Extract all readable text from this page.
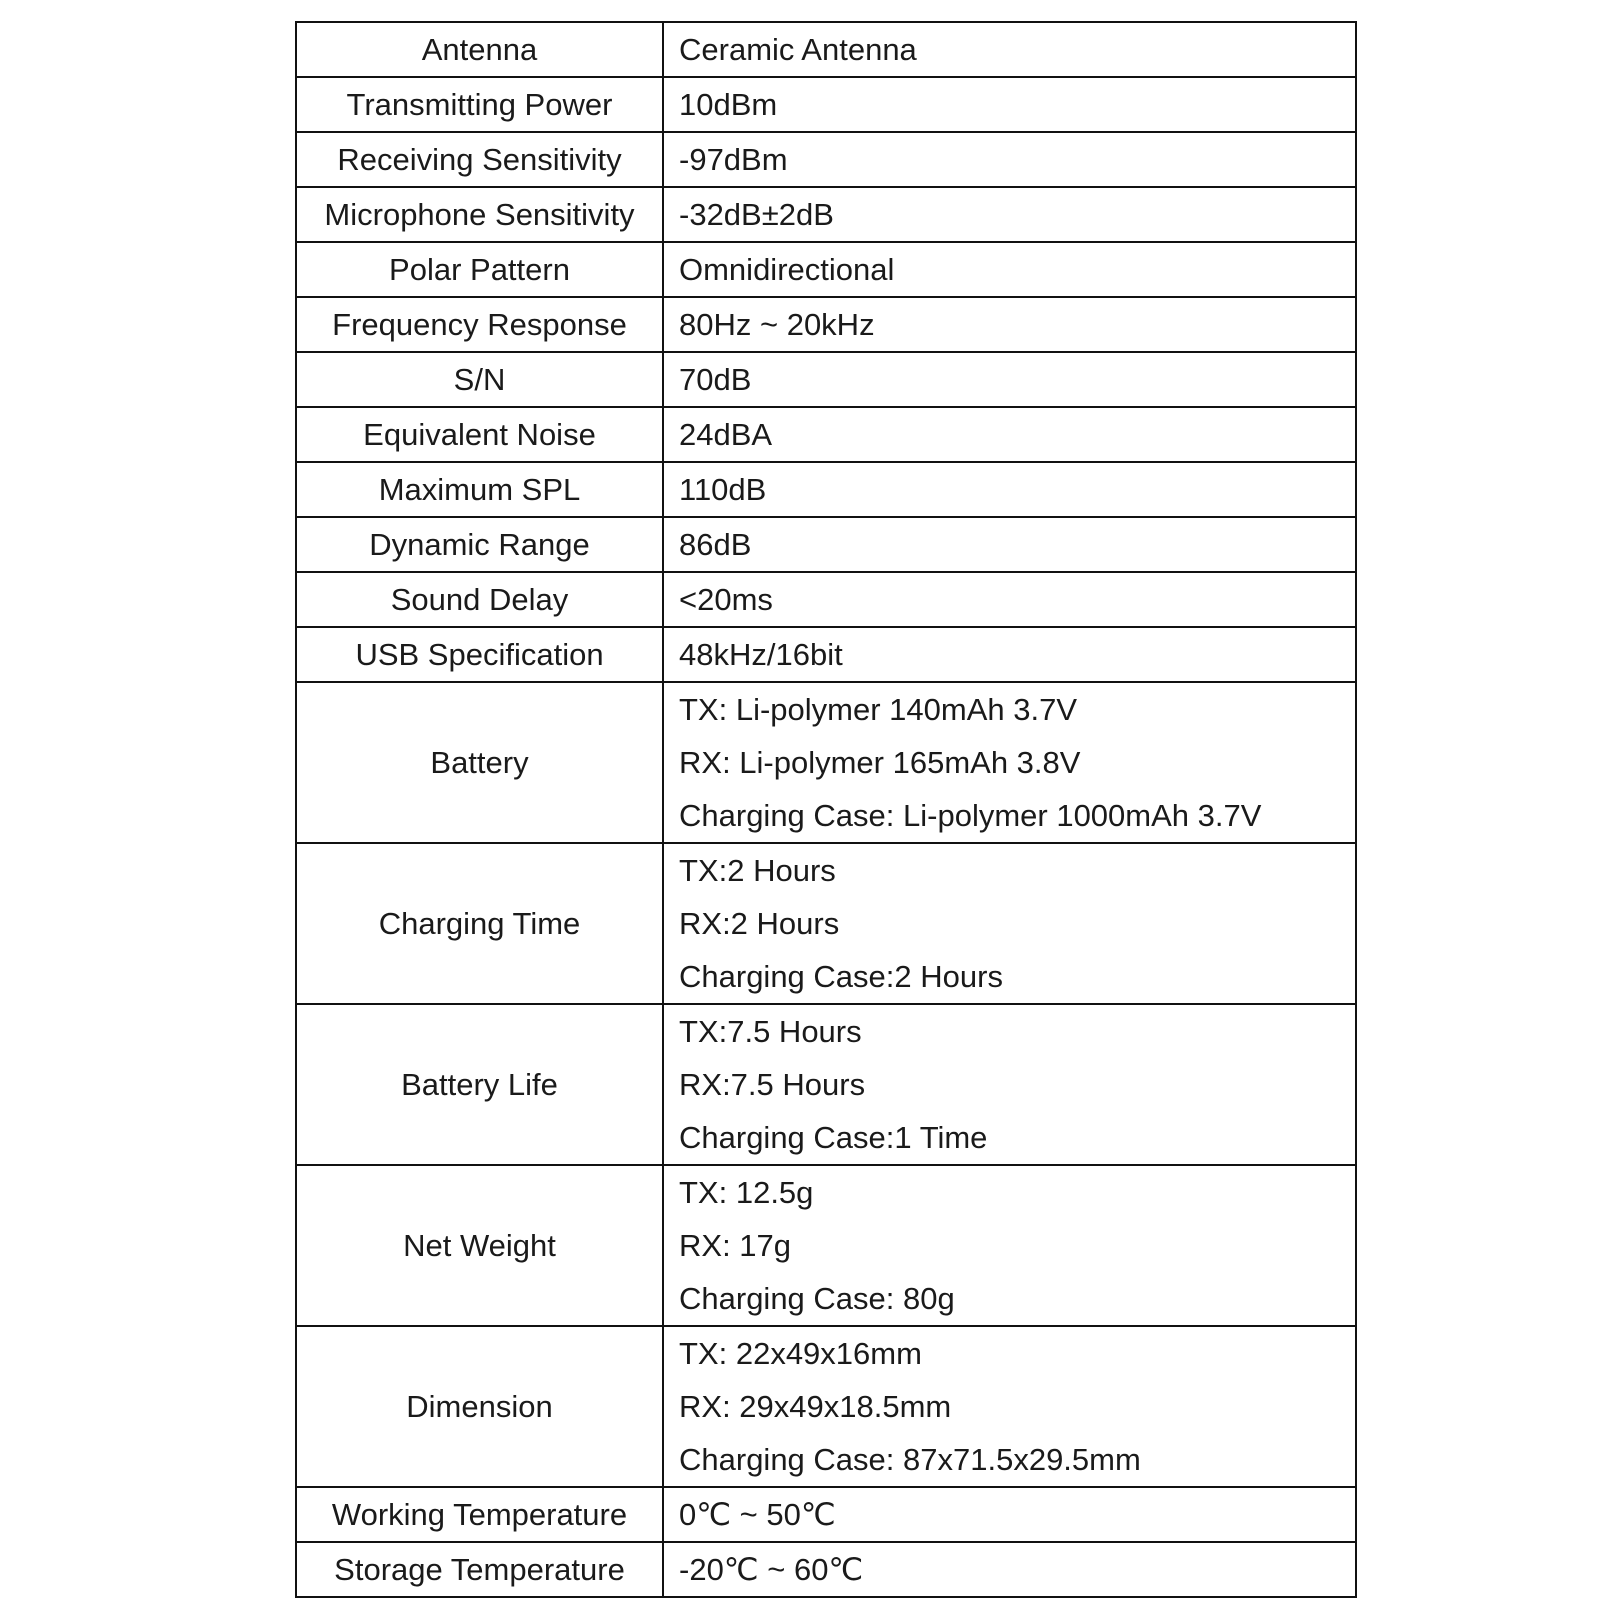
Antenna	Ceramic Antenna

Transmitting Power	10dBm

Receiving Sensitivity	-97dBm

Microphone Sensitivity	-32dB±2dB

Polar Pattern	Omnidirectional

Frequency Response	80Hz ~ 20kHz

S/N	70dB

Equivalent Noise	24dBA

Maximum SPL	110dB

Dynamic Range	86dB

Sound Delay	<20ms

USB Specification	48kHz/16bit

Battery	TX: Li-polymer 140mAh 3.7V
RX: Li-polymer 165mAh 3.8V
Charging Case: Li-polymer 1000mAh 3.7V

Charging Time	TX:2 Hours
RX:2 Hours
Charging Case:2 Hours

Battery Life	TX:7.5 Hours
RX:7.5 Hours
Charging Case:1 Time

Net Weight	TX: 12.5g
RX: 17g
Charging Case: 80g

Dimension	TX: 22x49x16mm
RX: 29x49x18.5mm
Charging Case: 87x71.5x29.5mm

Working Temperature	0℃ ~ 50℃

Storage Temperature	-20℃ ~ 60℃
